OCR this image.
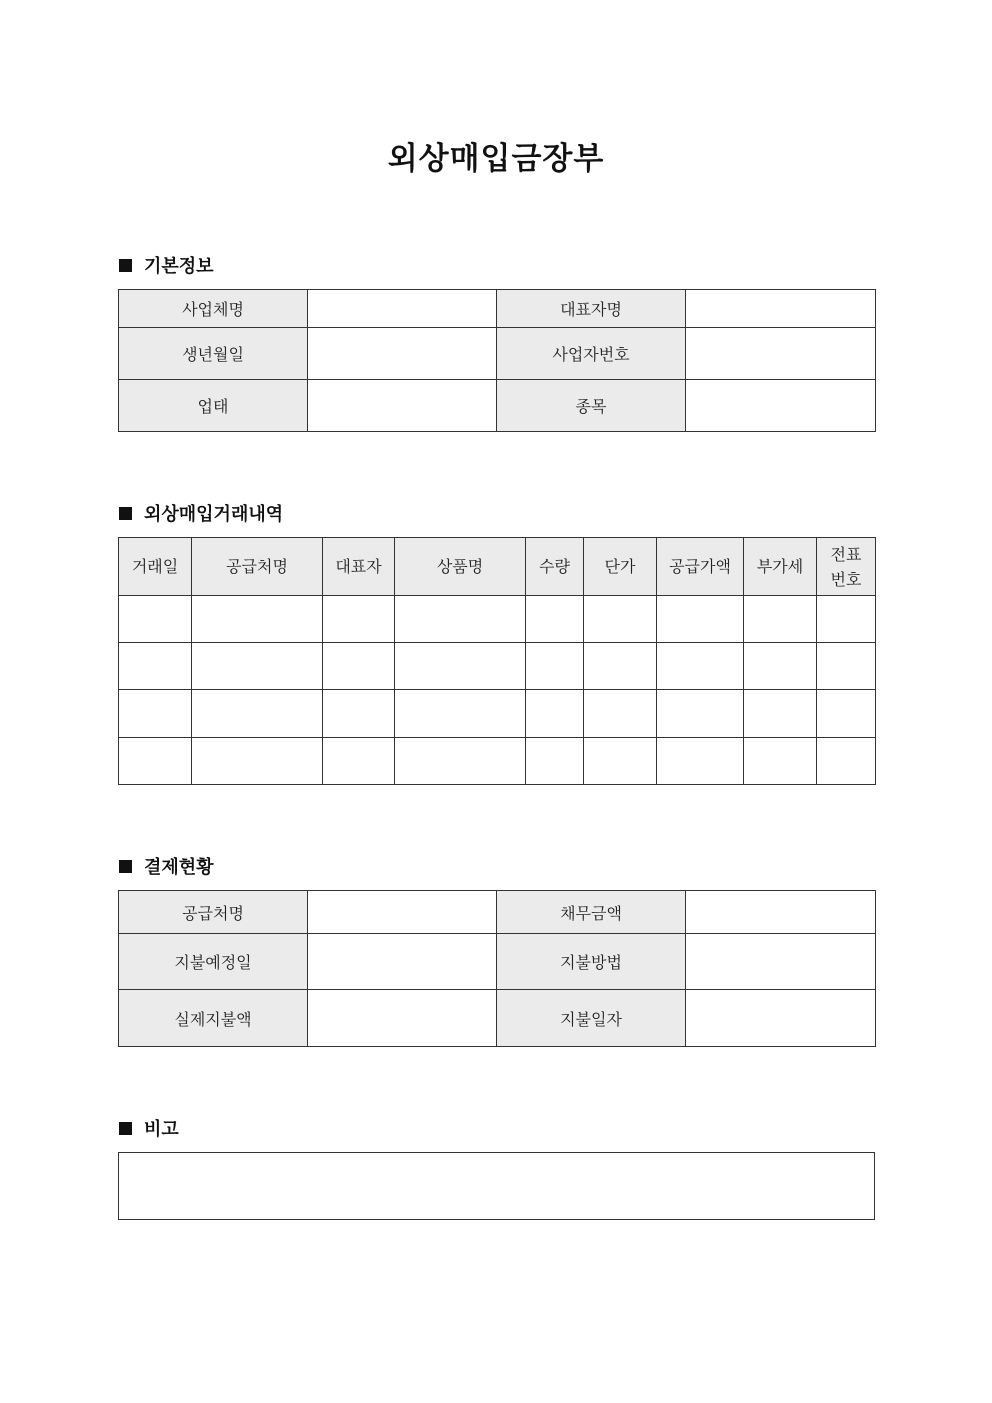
외상매입금장부
기본정보
사업체명		대표자명	
생년월일		사업자번호	
업태		종목	
외상매입거래내역
거래일	공급처명	대표자	상품명	수량	단가	공급가액	부가세	전표
번호

결제현황
공급처명		채무금액	
지불예정일		지불방법	
실제지불액		지불일자	
비고
